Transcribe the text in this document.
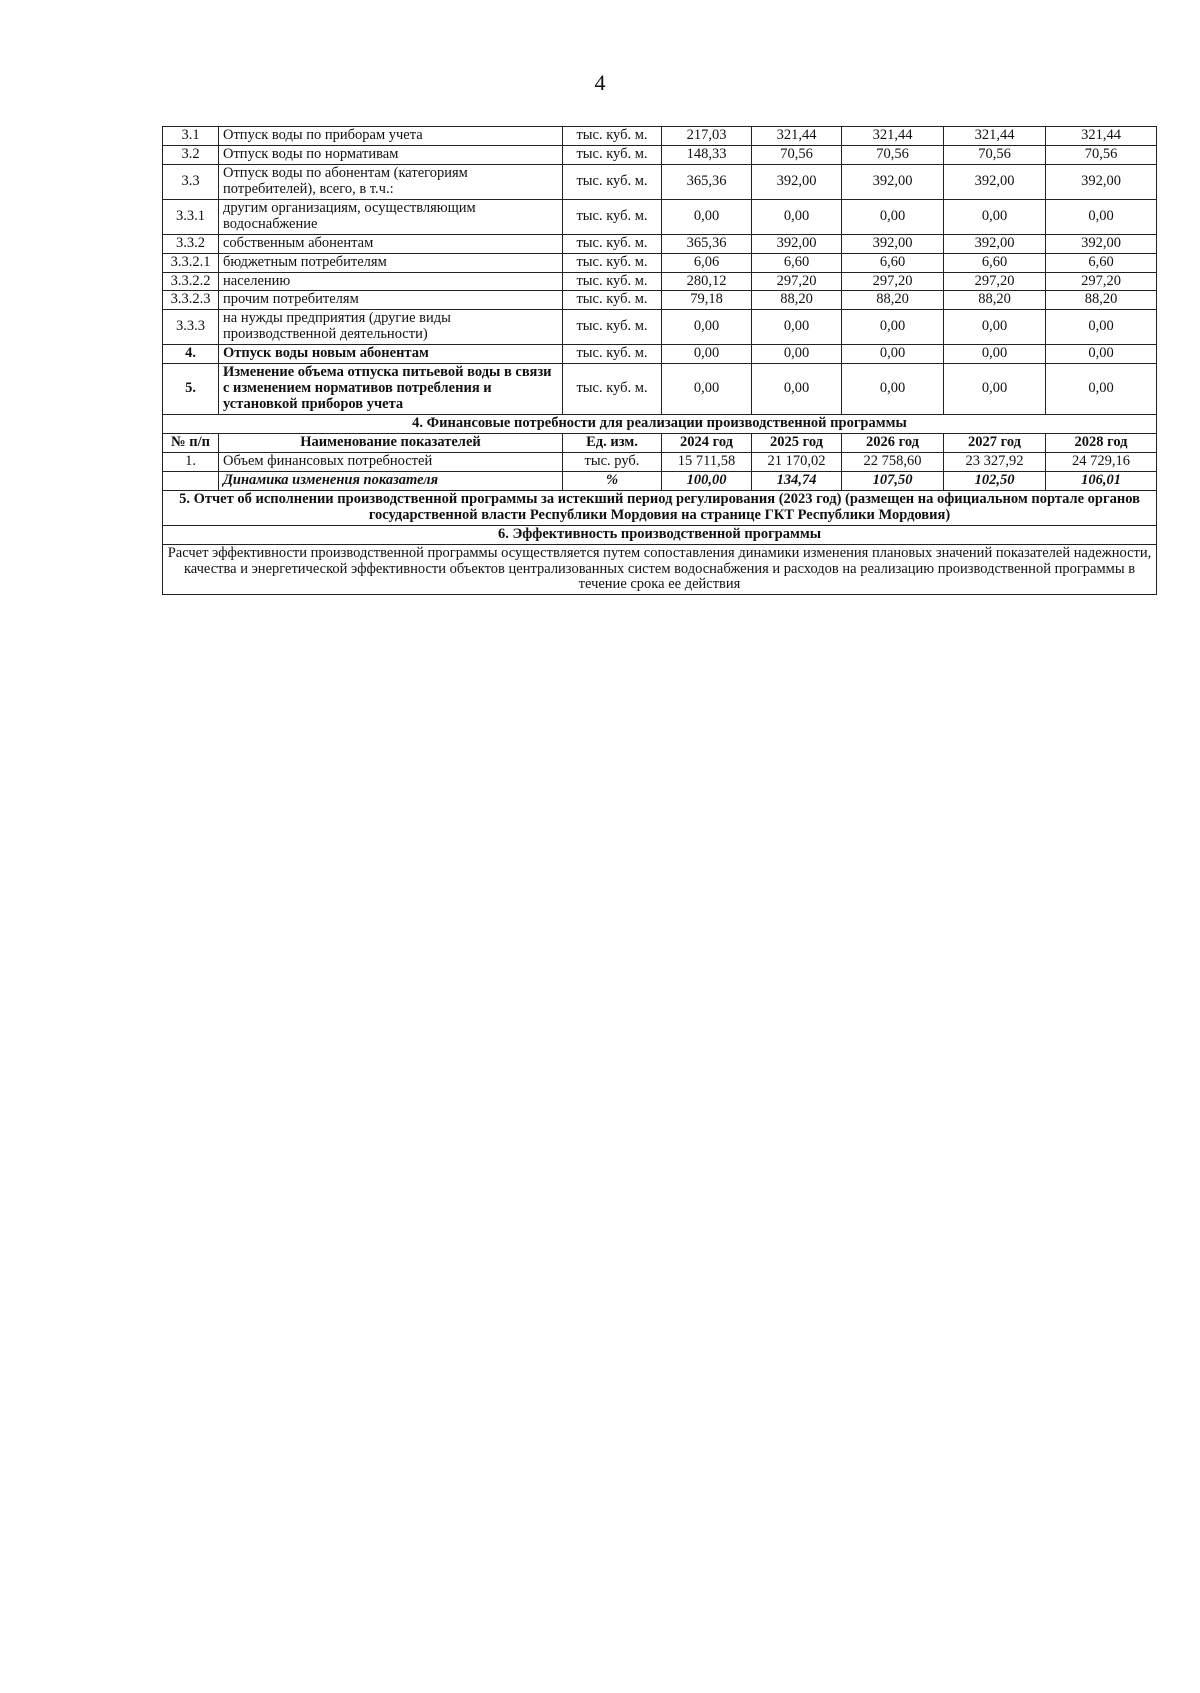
4
3.1	Отпуск воды по приборам учета	тыс. куб. м.	217,03	321,44	321,44	321,44	321,44
3.2	Отпуск воды по нормативам	тыс. куб. м.	148,33	70,56	70,56	70,56	70,56
3.3	Отпуск воды по абонентам (категориям потребителей), всего, в т.ч.:	тыс. куб. м.	365,36	392,00	392,00	392,00	392,00
3.3.1	другим организациям, осуществляющим водоснабжение	тыс. куб. м.	0,00	0,00	0,00	0,00	0,00
3.3.2	собственным абонентам	тыс. куб. м.	365,36	392,00	392,00	392,00	392,00
3.3.2.1	бюджетным потребителям	тыс. куб. м.	6,06	6,60	6,60	6,60	6,60
3.3.2.2	населению	тыс. куб. м.	280,12	297,20	297,20	297,20	297,20
3.3.2.3	прочим потребителям	тыс. куб. м.	79,18	88,20	88,20	88,20	88,20
3.3.3	на нужды предприятия (другие виды производственной деятельности)	тыс. куб. м.	0,00	0,00	0,00	0,00	0,00
4.	Отпуск воды новым абонентам	тыс. куб. м.	0,00	0,00	0,00	0,00	0,00
5.	Изменение объема отпуска питьевой воды в связи с изменением нормативов потребления и установкой приборов учета	тыс. куб. м.	0,00	0,00	0,00	0,00	0,00
4. Финансовые потребности для реализации производственной программы							
№ п/п	Наименование показателей	Ед. изм.	2024 год	2025 год	2026 год	2027 год	2028 год
1.	Объем финансовых потребностей	тыс. руб.	15 711,58	21 170,02	22 758,60	23 327,92	24 729,16
	Динамика изменения показателя	%	100,00	134,74	107,50	102,50	106,01
5. Отчет об исполнении производственной программы за истекший период регулирования (2023 год) (размещен на официальном портале органов государственной власти Республики Мордовия на странице ГКТ Республики Мордовия)							
6. Эффективность производственной программы							
Расчет эффективности производственной программы осуществляется путем сопоставления динамики изменения плановых значений показателей надежности, качества и энергетической эффективности объектов централизованных систем водоснабжения и расходов на реализацию производственной программы в течение срока ее действия							
